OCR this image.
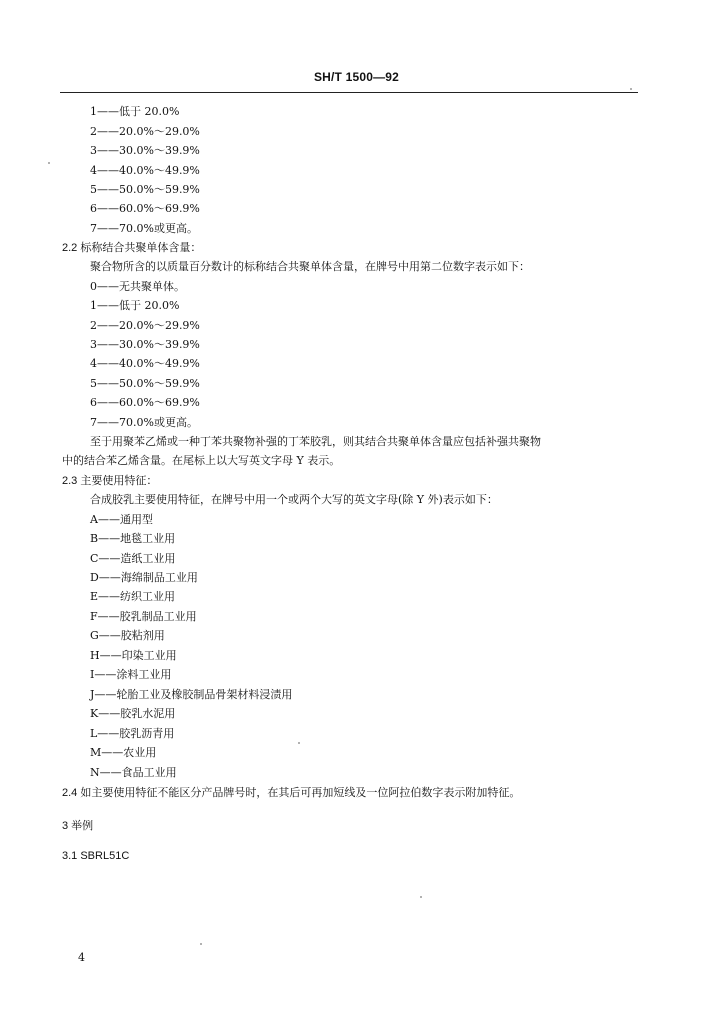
SH/T 1500—92
1——低于 20.0%
2——20.0%～29.0%
3——30.0%～39.9%
4——40.0%～49.9%
5——50.0%～59.9%
6——60.0%～69.9%
7——70.0%或更高。
2.2 标称结合共聚单体含量：
聚合物所含的以质量百分数计的标称结合共聚单体含量，在牌号中用第二位数字表示如下：
0——无共聚单体。
1——低于 20.0%
2——20.0%～29.9%
3——30.0%～39.9%
4——40.0%～49.9%
5——50.0%～59.9%
6——60.0%～69.9%
7——70.0%或更高。
至于用聚苯乙烯或一种丁苯共聚物补强的丁苯胶乳，则其结合共聚单体含量应包括补强共聚物
中的结合苯乙烯含量。在尾标上以大写英文字母 Y 表示。
2.3 主要使用特征：
合成胶乳主要使用特征，在牌号中用一个或两个大写的英文字母(除 Y 外)表示如下：
A——通用型
B——地毯工业用
C——造纸工业用
D——海绵制品工业用
E——纺织工业用
F——胶乳制品工业用
G——胶粘剂用
H——印染工业用
I——涂料工业用
J——轮胎工业及橡胶制品骨架材料浸渍用
K——胶乳水泥用
L——胶乳沥青用
M——农业用
N——食品工业用
2.4 如主要使用特征不能区分产品牌号时，在其后可再加短线及一位阿拉伯数字表示附加特征。
3 举例
3.1 SBRL51C
4
